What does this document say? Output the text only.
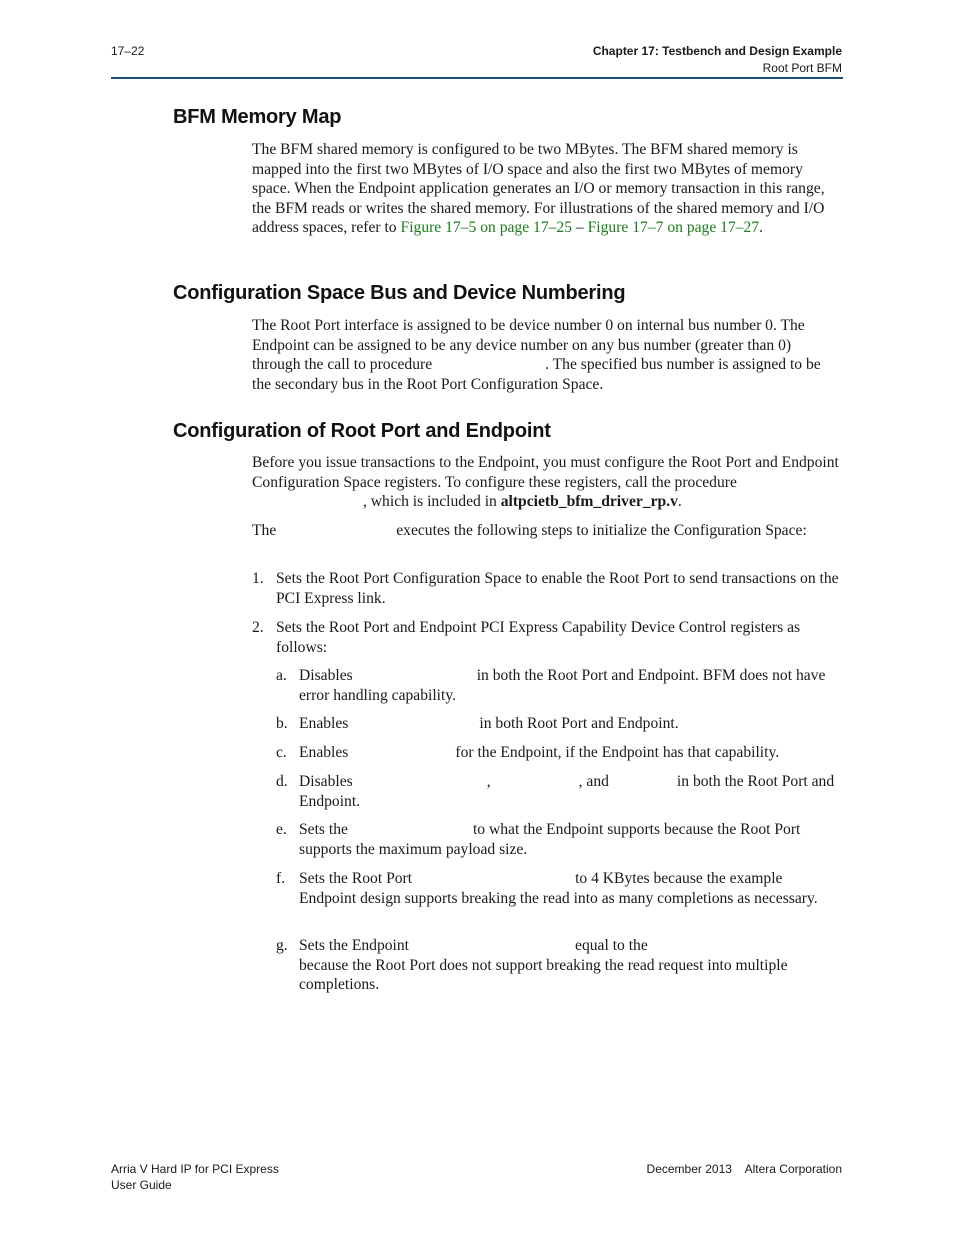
17–22	Chapter 17: Testbench and Design Example
Root Port BFM
BFM Memory Map

The BFM shared memory is configured to be two MBytes. The BFM shared memory is mapped into the first two MBytes of I/O space and also the first two MBytes of memory space. When the Endpoint application generates an I/O or memory transaction in this range, the BFM reads or writes the shared memory. For illustrations of the shared memory and I/O address spaces, refer to Figure 17–5 on page 17–25 – Figure 17–7 on page 17–27.

Configuration Space Bus and Device Numbering

The Root Port interface is assigned to be device number 0 on internal bus number 0. The Endpoint can be assigned to be any device number on any bus number (greater than 0) through the call to procedure	. The specified bus number is assigned to be the secondary bus in the Root Port Configuration Space.

Configuration of Root Port and Endpoint

Before you issue transactions to the Endpoint, you must configure the Root Port and Endpoint Configuration Space registers. To configure these registers, call the procedure, which is included in altpcietb_bfm_driver_rp.v.

The	executes the following steps to initialize the Configuration Space:

1. Sets the Root Port Configuration Space to enable the Root Port to send transactions on the PCI Express link.

2. Sets the Root Port and Endpoint PCI Express Capability Device Control registers as follows:

a. Disables	in both the Root Port and Endpoint. BFM does not have error handling capability.

b. Enables	in both Root Port and Endpoint.

c. Enables	for the Endpoint, if the Endpoint has that capability.

d. Disables	,	, and	in both the Root Port and Endpoint.

e. Sets the	to what the Endpoint supports because the Root Port supports the maximum payload size.

f. Sets the Root Port	to 4 KBytes because the example Endpoint design supports breaking the read into as many completions as necessary.

g. Sets the Endpoint	equal to thebecause the Root Port does not support breaking the read request into multiple completions.

Arria V Hard IP for PCI Express
User Guide
December 2013    Altera Corporation
